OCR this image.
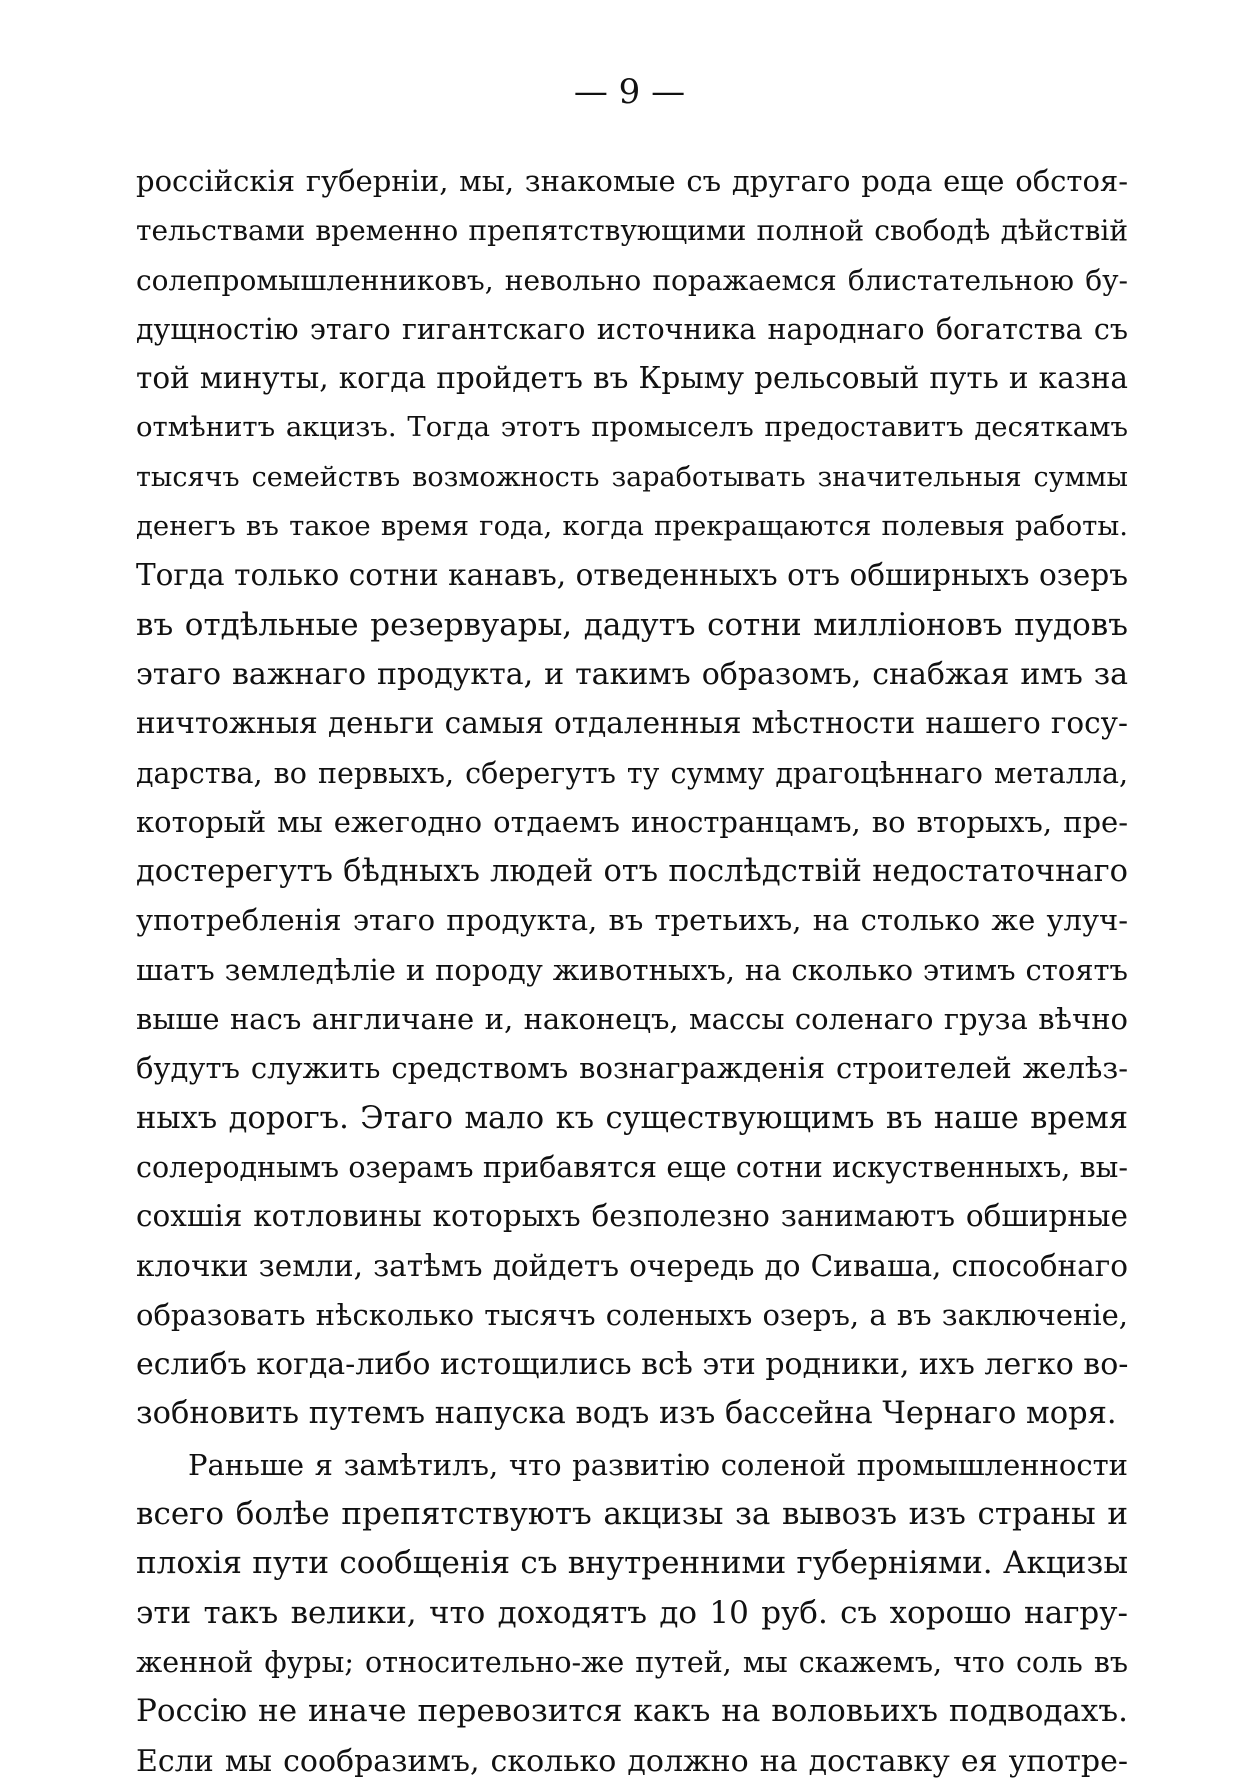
— 9 —
россійскія губерніи, мы, знакомые съ другаго рода еще обстоя-
тельствами временно препятствующими полной свободѣ дѣйствій
солепромышленниковъ, невольно поражаемся блистательною бу-
дущностію этаго гигантскаго источника народнаго богатства съ
той минуты, когда пройдетъ въ Крыму рельсовый путь и казна
отмѣнитъ акцизъ. Тогда этотъ промыселъ предоставитъ десяткамъ
тысячъ семействъ возможность заработывать значительныя суммы
денегъ въ такое время года, когда прекращаются полевыя работы.
Тогда только сотни канавъ, отведенныхъ отъ обширныхъ озеръ
въ отдѣльные резервуары, дадутъ сотни милліоновъ пудовъ
этаго важнаго продукта, и такимъ образомъ, снабжая имъ за
ничтожныя деньги самыя отдаленныя мѣстности нашего госу-
дарства, во первыхъ, сберегутъ ту сумму драгоцѣннаго металла,
который мы ежегодно отдаемъ иностранцамъ, во вторыхъ, пре-
достерегутъ бѣдныхъ людей отъ послѣдствій недостаточнаго
употребленія этаго продукта, въ третьихъ, на столько же улуч-
шатъ земледѣліе и породу животныхъ, на сколько этимъ стоятъ
выше насъ англичане и, наконецъ, массы соленаго груза вѣчно
будутъ служить средствомъ вознагражденія строителей желѣз-
ныхъ дорогъ. Этаго мало къ существующимъ въ наше время
солероднымъ озерамъ прибавятся еще сотни искуственныхъ, вы-
сохшія котловины которыхъ безполезно занимаютъ обширные
клочки земли, затѣмъ дойдетъ очередь до Сиваша, способнаго
образовать нѣсколько тысячъ соленыхъ озеръ, а въ заключеніе,
еслибъ когда-либо истощились всѣ эти родники, ихъ легко во-
зобновить путемъ напуска водъ изъ бассейна Чернаго моря.
Раньше я замѣтилъ, что развитію соленой промышленности
всего болѣе препятствуютъ акцизы за вывозъ изъ страны и
плохія пути сообщенія съ внутренними губерніями. Акцизы
эти такъ велики, что доходятъ до 10 руб. съ хорошо нагру-
женной фуры; относительно-же путей, мы скажемъ, что соль въ
Россію не иначе перевозится какъ на воловьихъ подводахъ.
Если мы сообразимъ, сколько должно на доставку ея употре-
